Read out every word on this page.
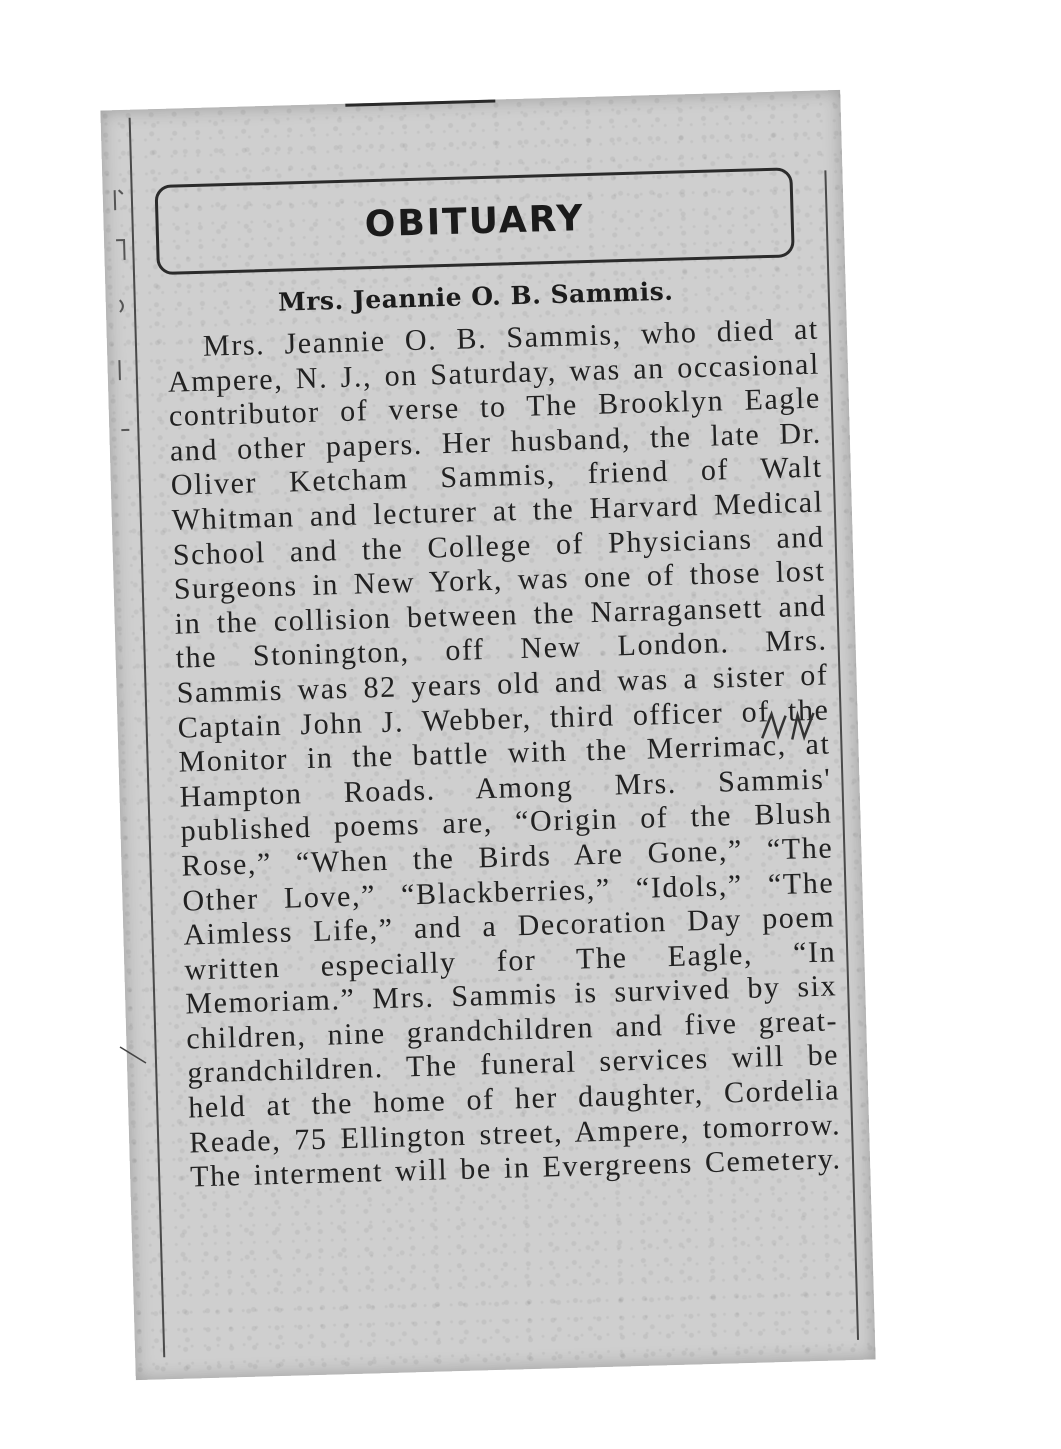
OBITUARY
Mrs. Jeannie O. B. Sammis.

Mrs. Jeannie O. B. Sammis, who died at Ampere, N. J., on Saturday, was an occasional contributor of verse to The Brooklyn Eagle and other papers. Her husband, the late Dr. Oliver Ketcham Sammis, friend of Walt Whitman and lecturer at the Harvard Medical School and the College of Physicians and Surgeons in New York, was one of those lost in the collision between the Narragansett and the Stonington, off New London. Mrs. Sammis was 82 years old and was a sister of Captain John J. Webber, third officer of the Monitor in the battle with the Merrimac, at Hampton Roads. Among Mrs. Sammis' published poems are, “Origin of the Blush Rose,” “When the Birds Are Gone,” “The Other Love,” “Blackberries,” “Idols,” “The Aimless Life,” and a Decoration Day poem written especially for The Eagle, “In Memoriam.” Mrs. Sammis is survived by six children, nine grandchildren and five great-grandchildren. The funeral services will be held at the home of her daughter, Cordelia Reade, 75 Ellington street, Ampere, tomorrow. The interment will be in Evergreens Cemetery.
